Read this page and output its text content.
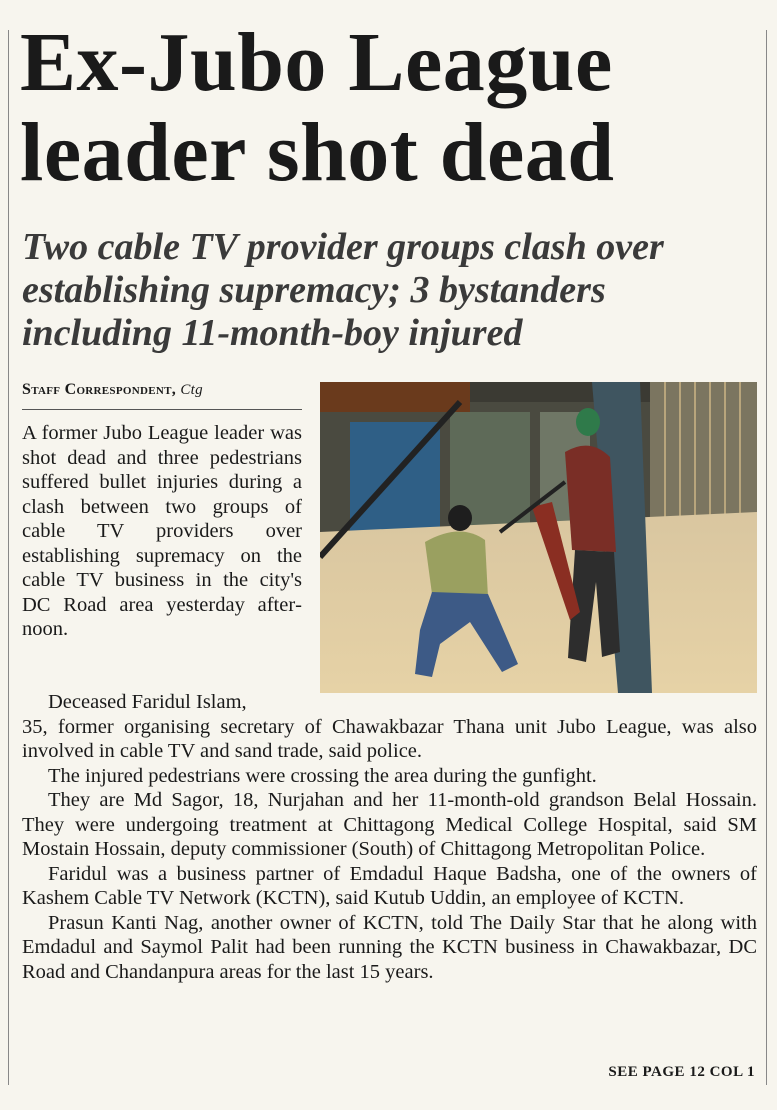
Ex-Jubo League
leader shot dead
Two cable TV provider groups clash over
establishing supremacy; 3 bystanders
including 11-month-boy injured
Staff Correspondent, Ctg

A former Jubo League leader was shot dead and three pedestrians suffered bullet injuries during a clash between two groups of cable TV providers over establishing supremacy on the cable TV business in the city's DC Road area yesterday afternoon.

Deceased Faridul Islam,

35, former organising secretary of Chawakbazar Thana unit Jubo League, was also involved in cable TV and sand trade, said police.

The injured pedestrians were crossing the area during the gunfight.

They are Md Sagor, 18, Nurjahan and her 11-month-old grandson Belal Hossain. They were undergoing treatment at Chittagong Medical College Hospital, said SM Mostain Hossain, deputy commissioner (South) of Chittagong Metropolitan Police.

Faridul was a business partner of Emdadul Haque Badsha, one of the owners of Kashem Cable TV Network (KCTN), said Kutub Uddin, an employee of KCTN.

Prasun Kanti Nag, another owner of KCTN, told The Daily Star that he along with Emdadul and Saymol Palit had been running the KCTN business in Chawakbazar, DC Road and Chandanpura areas for the last 15 years.

SEE PAGE 12 COL 1
